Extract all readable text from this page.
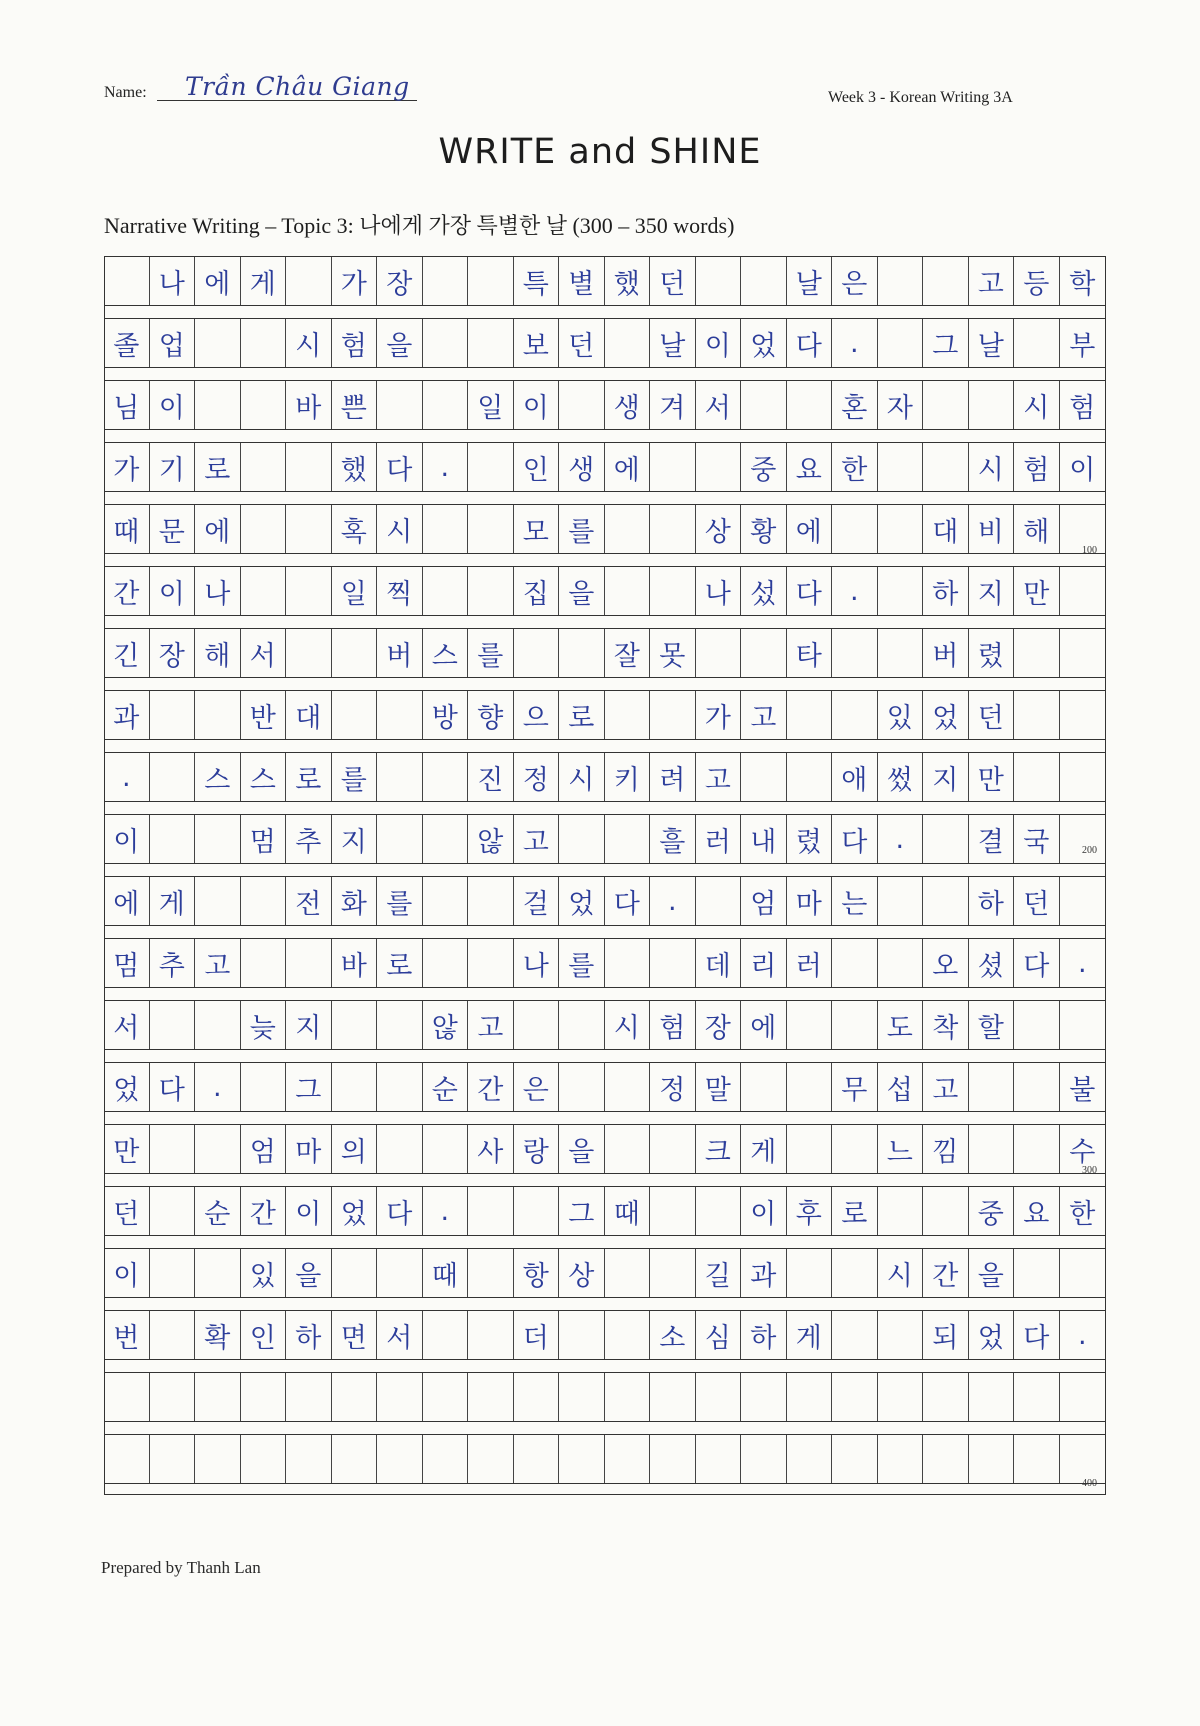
Name: Trần Châu Giang	Week 3 - Korean Writing 3A
WRITE and SHINE
Narrative Writing – Topic 3: 나에게 가장 특별한 날 (300 – 350 words)
나 에 게	가 장	특 별 했 던	날 은	고 등 학
졸 업	시 험 을	보 던	날 이 었 다	.	그 날	부
님 이	바 쁜	일 이	생 겨 서	혼 자	시 험
가 기 로	했 다	.	인 생 에	중 요 한	시 험 이
때 문 에	혹 시	모 를	상 황 에	대 비 해
간 이 나	일 찍	집 을	나 섰 다	.	하 지 만
긴 장 해 서	버 스 를	잘 못	타	버 렸
과	반 대	방 향 으 로	가 고	있 었 던
.	스 스 로 를	진 정 시 키 려 고	애 썼 지 만
이	멈 추 지	않 고	흘 러 내 렸 다	.	결 국
에 게	전 화 를	걸 었 다	.	엄 마 는	하 던
멈 추 고	바 로	나 를	데 리 러	오 셨 다	.
서	늦 지	않 고	시 험 장 에	도 착 할
었 다	.	그	순 간 은	정 말	무 섭 고	불
만	엄 마 의	사 랑 을	크 게	느 낌	수
던	순 간 이 었 다	.	그 때	이 후 로	중 요 한
이	있 을	때	항 상	길 과	시 간 을
번	확 인 하 면 서	더	소 심 하 게	되 었 다	.
100
200
300
400
Prepared by Thanh Lan
